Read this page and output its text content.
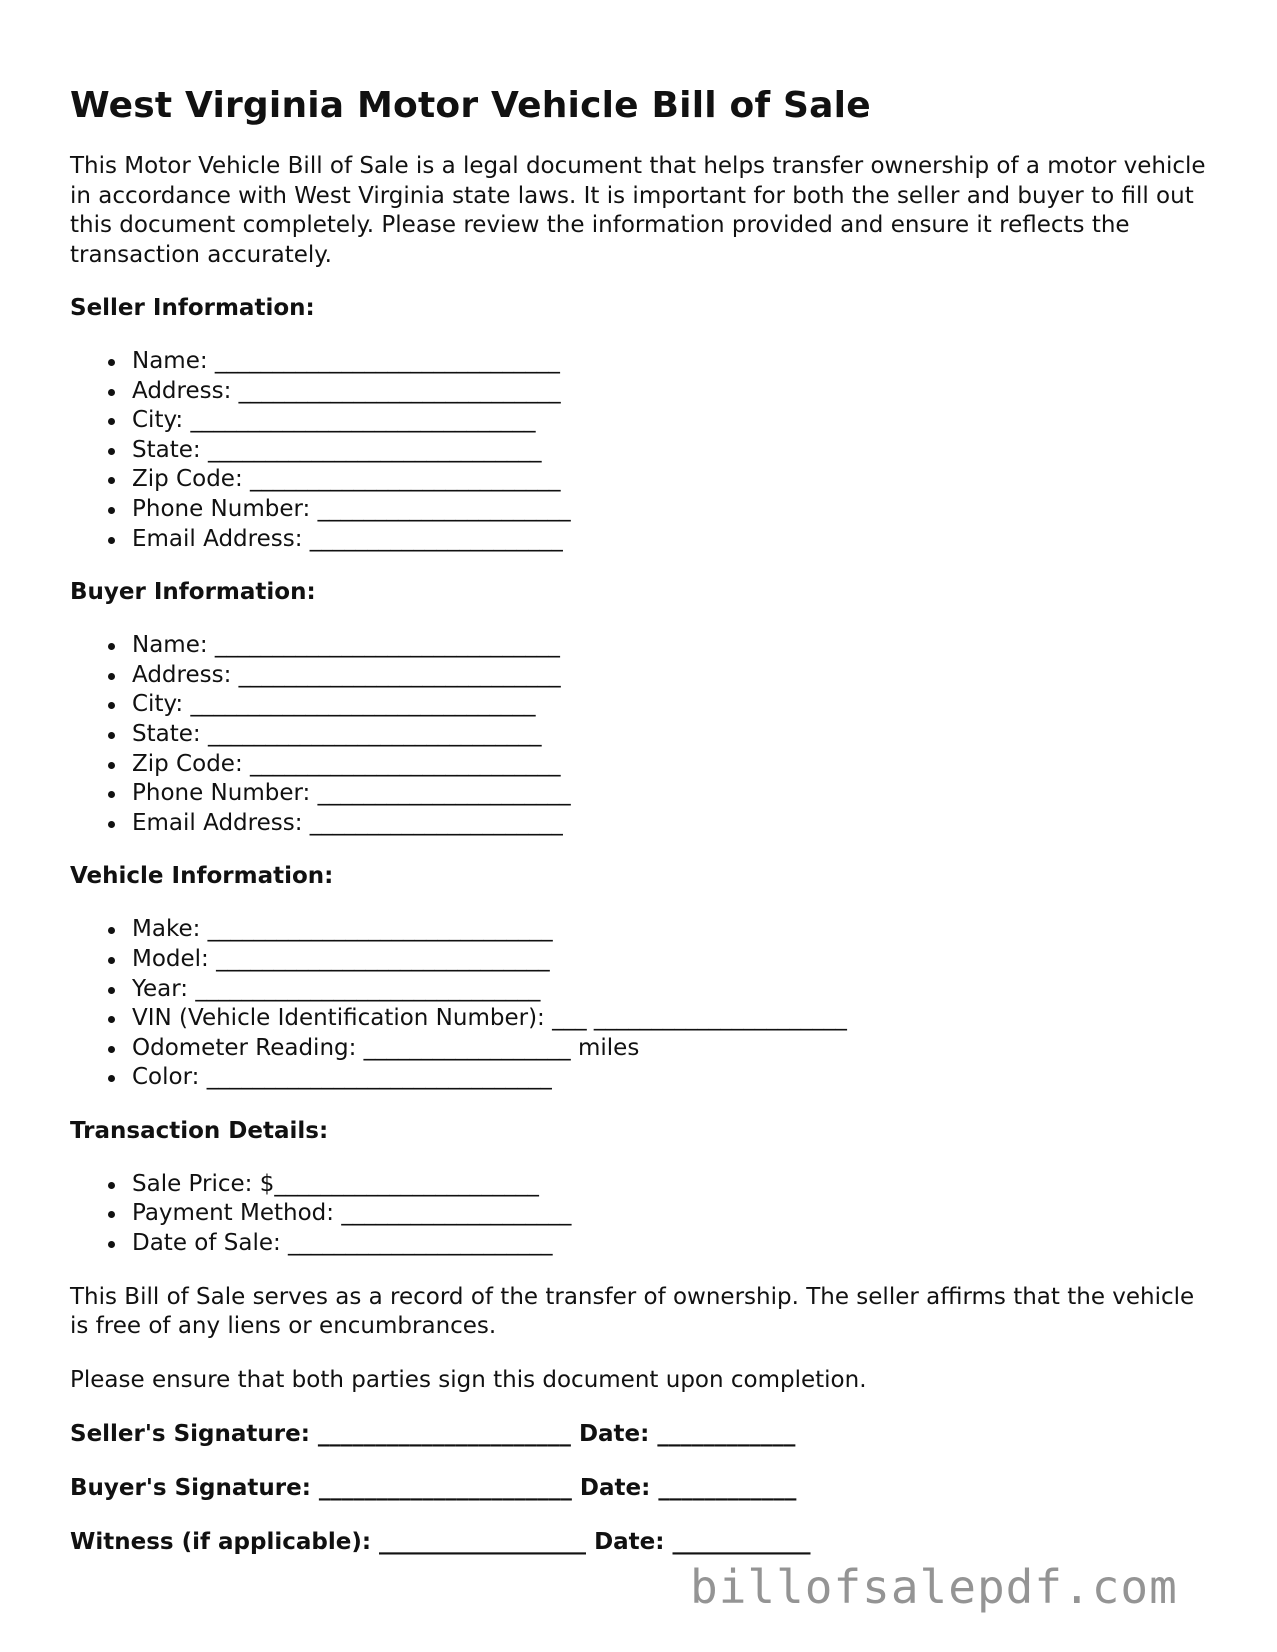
West Virginia Motor Vehicle Bill of Sale

This Motor Vehicle Bill of Sale is a legal document that helps transfer ownership of a motor vehicle in accordance with West Virginia state laws. It is important for both the seller and buyer to fill out this document completely. Please review the information provided and ensure it reflects the transaction accurately.

Seller Information:
Name: ______________________________
Address: ____________________________
City: ______________________________
State: _____________________________
Zip Code: ___________________________
Phone Number: ______________________
Email Address: ______________________
Buyer Information:
Name: ______________________________
Address: ____________________________
City: ______________________________
State: _____________________________
Zip Code: ___________________________
Phone Number: ______________________
Email Address: ______________________
Vehicle Information:
Make: ______________________________
Model: _____________________________
Year: ______________________________
VIN (Vehicle Identification Number): ___ ______________________
Odometer Reading: __________________ miles
Color: ______________________________
Transaction Details:
Sale Price: $_______________________
Payment Method: ____________________
Date of Sale: _______________________

This Bill of Sale serves as a record of the transfer of ownership. The seller affirms that the vehicle is free of any liens or encumbrances.

Please ensure that both parties sign this document upon completion.

Seller's Signature: ______________________ Date: ____________
Buyer's Signature: ______________________ Date: ____________
Witness (if applicable): __________________ Date: ____________
billofsalepdf.com
